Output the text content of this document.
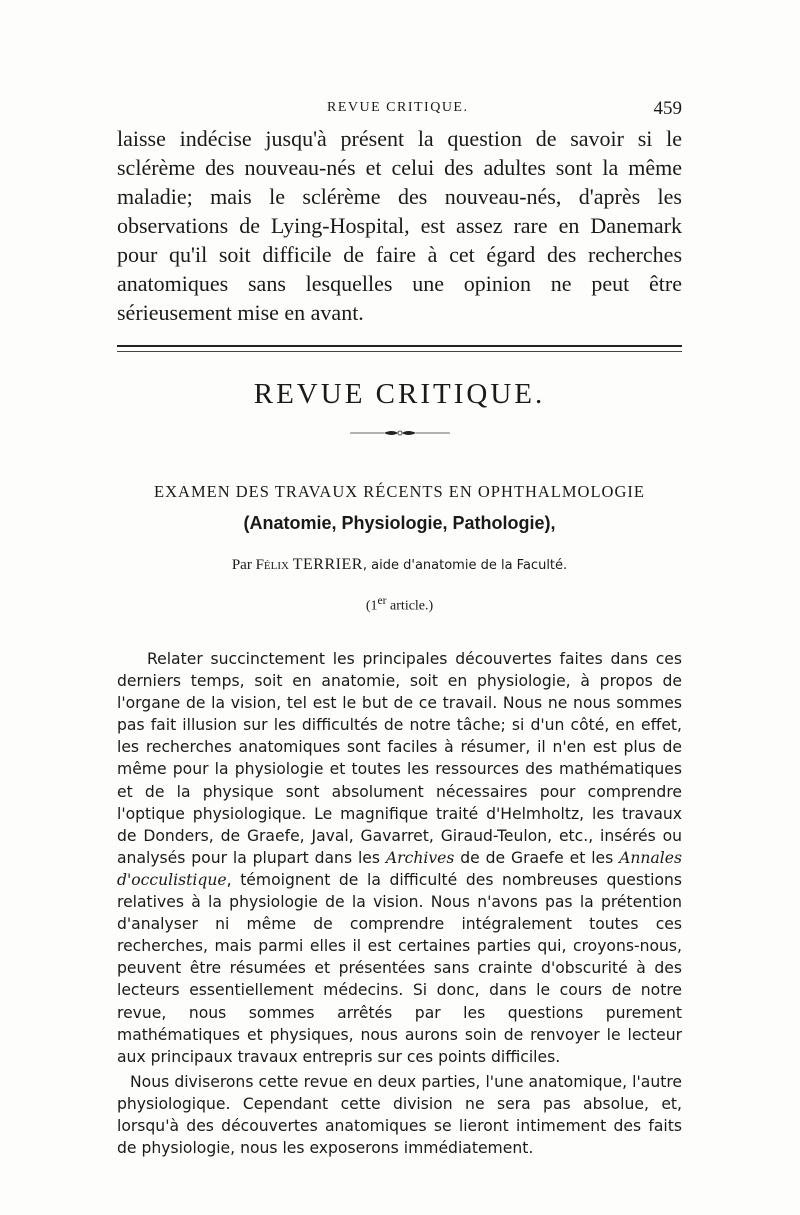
REVUE CRITIQUE.	459

laisse indécise jusqu'à présent la question de savoir si le sclérème des nouveau-nés et celui des adultes sont la même maladie; mais le sclérème des nouveau-nés, d'après les observations de Lying-Hospital, est assez rare en Danemark pour qu'il soit difficile de faire à cet égard des recherches anatomiques sans lesquelles une opinion ne peut être sérieusement mise en avant.

REVUE CRITIQUE.
EXAMEN DES TRAVAUX RÉCENTS EN OPHTHALMOLOGIE
(Anatomie, Physiologie, Pathologie),
Par Félix TERRIER, aide d'anatomie de la Faculté.
(1er article.)

Relater succinctement les principales découvertes faites dans ces derniers temps, soit en anatomie, soit en physiologie, à propos de l'organe de la vision, tel est le but de ce travail. Nous ne nous sommes pas fait illusion sur les difficultés de notre tâche; si d'un côté, en effet, les recherches anatomiques sont faciles à résumer, il n'en est plus de même pour la physiologie et toutes les ressources des mathématiques et de la physique sont absolument nécessaires pour comprendre l'optique physiologique. Le magnifique traité d'Helmholtz, les travaux de Donders, de Graefe, Javal, Gavarret, Giraud-Teulon, etc., insérés ou analysés pour la plupart dans les Archives de de Graefe et les Annales d'occulistique, témoignent de la difficulté des nombreuses questions relatives à la physiologie de la vision. Nous n'avons pas la prétention d'analyser ni même de comprendre intégralement toutes ces recherches, mais parmi elles il est certaines parties qui, croyons-nous, peuvent être résumées et présentées sans crainte d'obscurité à des lecteurs essentiellement médecins. Si donc, dans le cours de notre revue, nous sommes arrêtés par les questions purement mathématiques et physiques, nous aurons soin de renvoyer le lecteur aux principaux travaux entrepris sur ces points difficiles.

Nous diviserons cette revue en deux parties, l'une anatomique, l'autre physiologique. Cependant cette division ne sera pas absolue, et, lorsqu'à des découvertes anatomiques se lieront intimement des faits de physiologie, nous les exposerons immédiatement.
